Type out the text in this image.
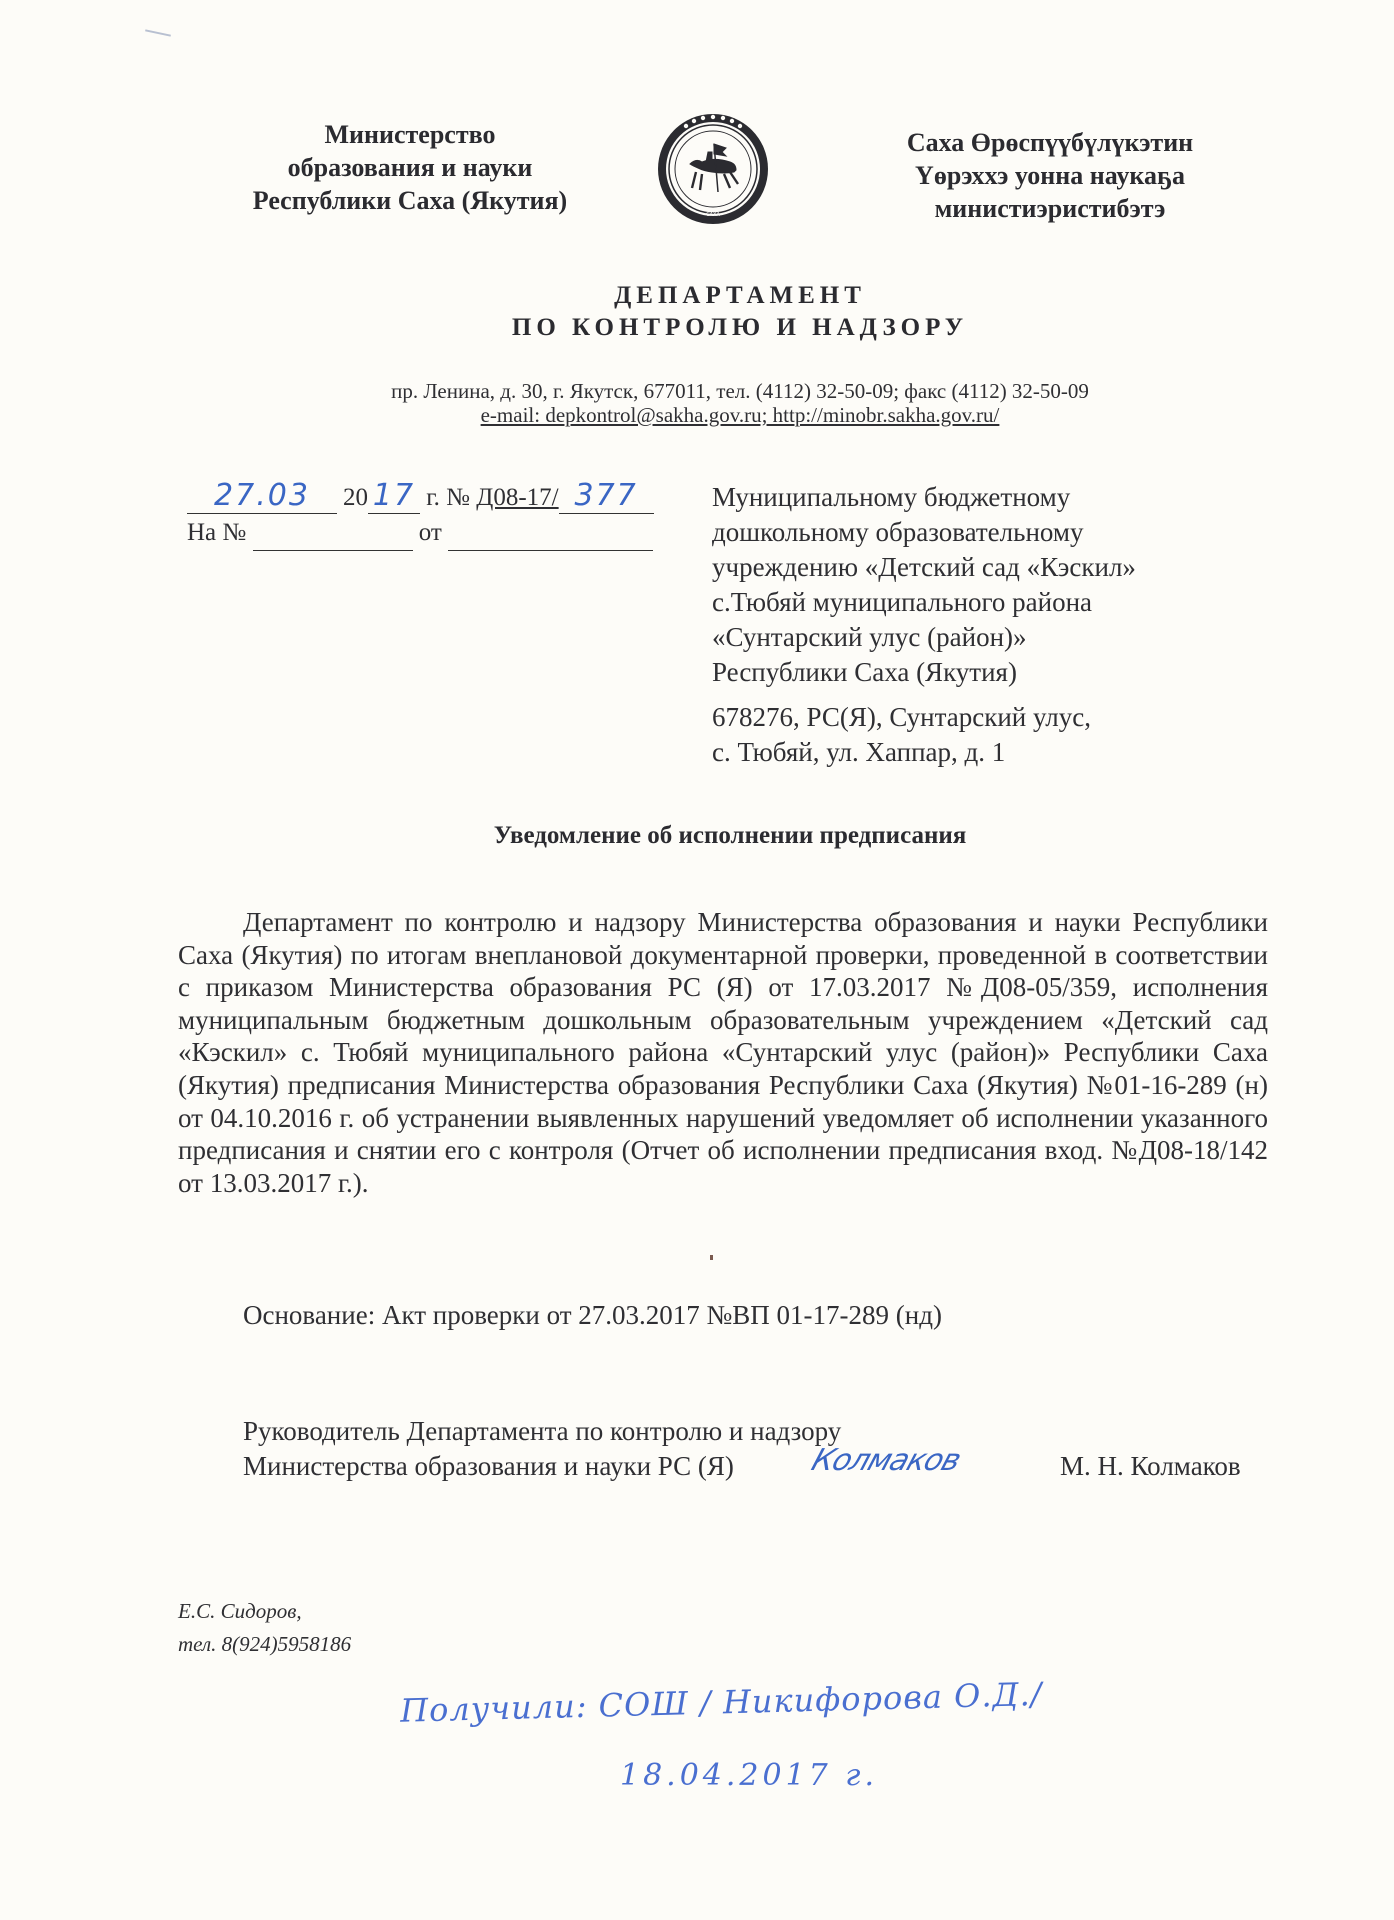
Министерство
образования и науки
Республики Саха (Якутия)	САХА
Саха Өрөспүүбүлүкэтин
Үөрэххэ уонна наукаҕа
министиэристибэтэ
ДЕПАРТАМЕНТ
ПО КОНТРОЛЮ И НАДЗОРУ
пр. Ленина, д. 30, г. Якутск, 677011, тел. (4112) 32-50-09; факс (4112) 32-50-09
e-mail: depkontrol@sakha.gov.ru; http://minobr.sakha.gov.ru/
27.03 20 17 г. № Д08-17/ 377
На №	от
Муниципальному бюджетному
дошкольному образовательному
учреждению «Детский сад «Кэскил»
с.Тюбяй муниципального района
«Сунтарский улус (район)»
Республики Саха (Якутия)
678276, РС(Я), Сунтарский улус,
с. Тюбяй, ул. Хаппар, д. 1
Уведомление об исполнении предписания

Департамент по контролю и надзору Министерства образования и науки Республики Саха (Якутия) по итогам внеплановой документарной проверки, проведенной в соответствии с приказом Министерства образования РС (Я) от 17.03.2017 №Д08-05/359, исполнения муниципальным бюджетным дошкольным образовательным учреждением «Детский сад «Кэскил» с. Тюбяй муниципального района «Сунтарский улус (район)» Республики Саха (Якутия) предписания Министерства образования Республики Саха (Якутия) №01-16-289 (н) от 04.10.2016 г. об устранении выявленных нарушений уведомляет об исполнении указанного предписания и снятии его с контроля (Отчет об исполнении предписания вход. №Д08-18/142 от 13.03.2017 г.).

Основание: Акт проверки от 27.03.2017 №ВП 01-17-289 (нд)
Руководитель Департамента по контролю и надзору
Министерства образования и науки РС (Я) Колмаков	М. Н. Колмаков
Е.С. Сидоров,
тел. 8(924)5958186
Получили: СОШ / Никифорова О.Д./
18.04.2017 г.
